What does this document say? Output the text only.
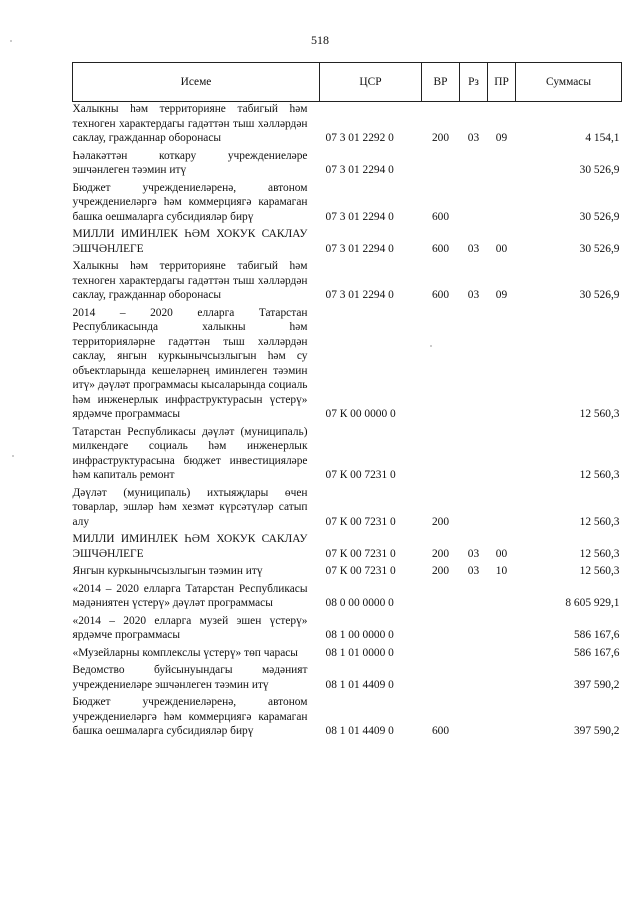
518
Исеме	ЦСР	ВР	Рз	ПР	Суммасы
Халыкны һәм территорияне табигый һәм техноген характердагы гадәттән тыш хәлләрдән саклау, гражданнар оборонасы	07 3 01 2292 0	200	03	09	4 154,1
Һәлакәттән коткару учреждениеләре эшчәнлеген тәэмин итү	07 3 01 2294 0				30 526,9
Бюджет учреждениеләренә, автоном учреждениеләргә һәм коммерциягә карамаган башка оешмаларга субсидияләр бирү	07 3 01 2294 0	600			30 526,9
МИЛЛИ ИМИНЛЕК ҺӘМ ХОКУК САКЛАУ ЭШЧӘНЛЕГЕ	07 3 01 2294 0	600	03	00	30 526,9
Халыкны һәм территорияне табигый һәм техноген характердагы гадәттән тыш хәлләрдән саклау, гражданнар оборонасы	07 3 01 2294 0	600	03	09	30 526,9
2014 – 2020 елларга Татарстан Республикасында халыкны һәм территорияләрне гадәттән тыш хәлләрдән саклау, янгын куркынычсызлыгын һәм су объектларында кешеләрнең иминлеген тәэмин итү» дәүләт программасы кысаларында социаль һәм инженерлык инфраструктурасын үстерү» ярдәмче программасы	07 К 00 0000 0				12 560,3
Татарстан Республикасы дәүләт (муниципаль) милкендәге социаль һәм инженерлык инфраструктурасына бюджет инвестицияләре һәм капиталь ремонт	07 К 00 7231 0				12 560,3
Дәүләт (муниципаль) ихтыяҗлары өчен товарлар, эшләр һәм хезмәт күрсәтүләр сатып алу	07 К 00 7231 0	200			12 560,3
МИЛЛИ ИМИНЛЕК ҺӘМ ХОКУК САКЛАУ ЭШЧӘНЛЕГЕ	07 К 00 7231 0	200	03	00	12 560,3
Янгын куркынычсызлыгын тәэмин итү	07 К 00 7231 0	200	03	10	12 560,3
«2014 – 2020 елларга Татарстан Республикасы мәдәниятен үстерү» дәүләт программасы	08 0 00 0000 0				8 605 929,1
«2014 – 2020 елларга музей эшен үстерү» ярдәмче программасы	08 1 00 0000 0				586 167,6
«Музейларны комплекслы үстерү» төп чарасы	08 1 01 0000 0				586 167,6
Ведомство буйсынуындагы мәдәният учреждениеләре эшчәнлеген тәэмин итү	08 1 01 4409 0				397 590,2
Бюджет учреждениеләренә, автоном учреждениеләргә һәм коммерциягә карамаган башка оешмаларга субсидияләр бирү	08 1 01 4409 0	600			397 590,2
